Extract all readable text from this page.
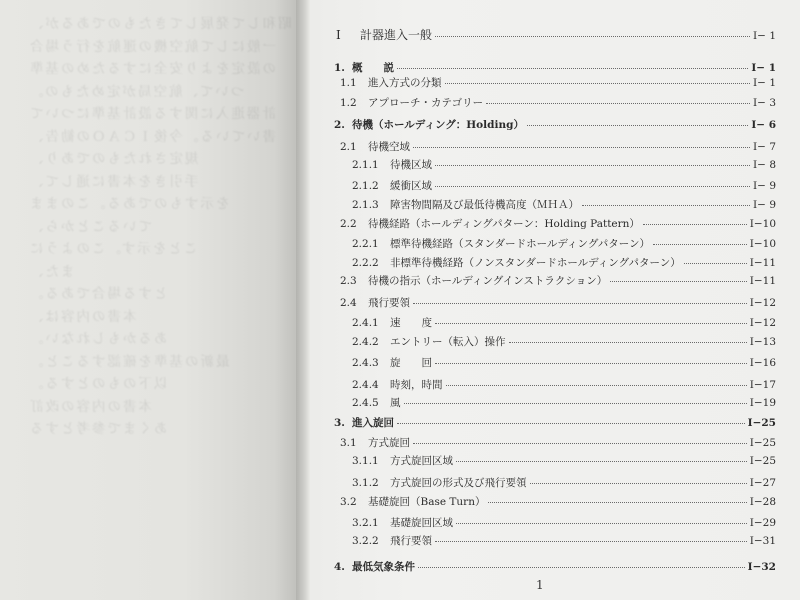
昭和して発展してきたものであるが、
一般にして航空機の運航を行う場合
の設定をより安全にするための基準
ついて、航空局が定めたもの。
計器進入に関する設計基準について
書いている。今後ＩＣＡＯの勧告、
規定されたものであり、
手引きを本書に通して、
を示すものである。このまま
ていることから、
ことを示す。このように
また、
とする場合である。
本書の内容は、
あるかもしれない。
最新の基準を確認すること。
以下のものとする。
本書の内容の改訂
あくまで参考とする
Ⅰ	計器進入一般	Ⅰ− 1
1. 概　　説	Ⅰ− 1
1.1	進入方式の分類	Ⅰ− 1
1.2	アプローチ・カテゴリー	Ⅰ− 3
2. 待機（ホールディング：Holding）	Ⅰ− 6
2.1	待機空域	Ⅰ− 7
2.1.1	待機区域	Ⅰ− 8
2.1.2	緩衝区域	Ⅰ− 9
2.1.3	障害物間隔及び最低待機高度（ＭＨＡ）	Ⅰ− 9
2.2	待機経路（ホールディングパターン：Holding Pattern）	Ⅰ−10
2.2.1	標準待機経路（スタンダードホールディングパターン）	Ⅰ−10
2.2.2	非標準待機経路（ノンスタンダードホールディングパターン）	Ⅰ−11
2.3	待機の指示（ホールディングインストラクション）	Ⅰ−11
2.4	飛行要領	Ⅰ−12
2.4.1	速　　度	Ⅰ−12
2.4.2	エントリー（転入）操作	Ⅰ−13
2.4.3	旋　　回	Ⅰ−16
2.4.4	時刻，時間	Ⅰ−17
2.4.5	風	Ⅰ−19
3. 進入旋回	Ⅰ−25
3.1	方式旋回	Ⅰ−25
3.1.1	方式旋回区域	Ⅰ−25
3.1.2	方式旋回の形式及び飛行要領	Ⅰ−27
3.2	基礎旋回（Base Turn）	Ⅰ−28
3.2.1	基礎旋回区域	Ⅰ−29
3.2.2	飛行要領	Ⅰ−31
4. 最低気象条件	Ⅰ−32
1
